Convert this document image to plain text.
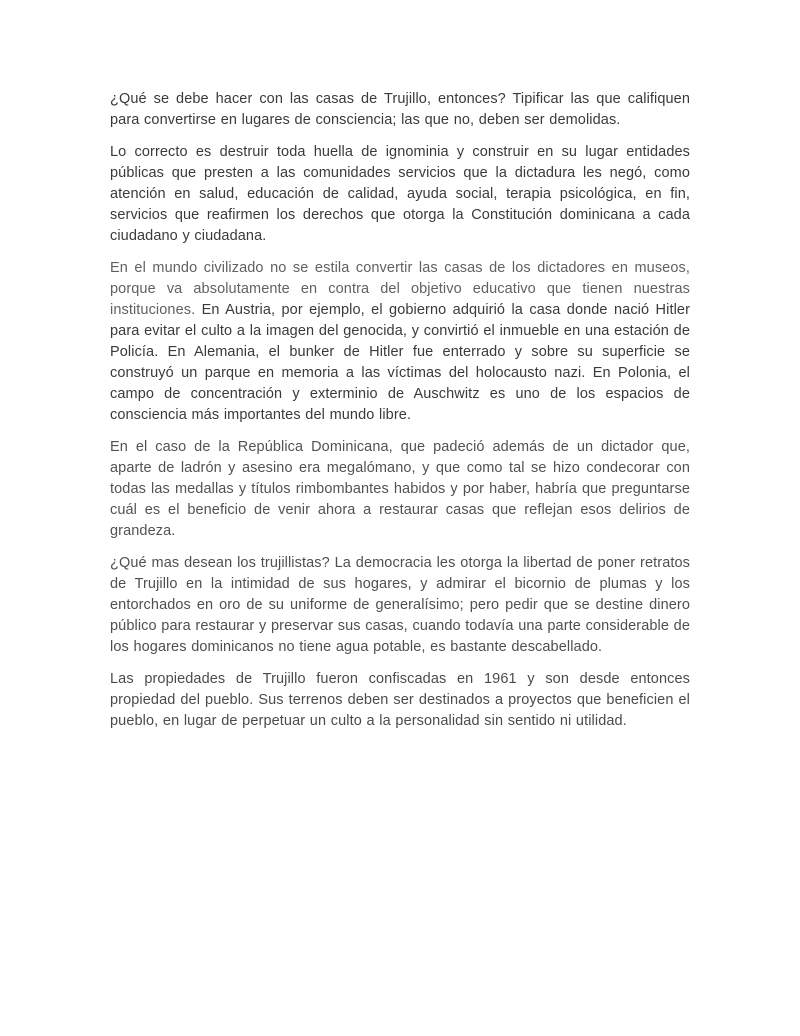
¿Qué se debe hacer con las casas de Trujillo, entonces? Tipificar las que califiquen para convertirse en lugares de consciencia; las que no, deben ser demolidas.

Lo correcto es destruir toda huella de ignominia y construir en su lugar entidades públicas que presten a las comunidades servicios que la dictadura les negó, como atención en salud, educación de calidad, ayuda social, terapia psicológica, en fin, servicios que reafirmen los derechos que otorga la Constitución dominicana a cada ciudadano y ciudadana.

En el mundo civilizado no se estila convertir las casas de los dictadores en museos, porque va absolutamente en contra del objetivo educativo que tienen nuestras instituciones. En Austria, por ejemplo, el gobierno adquirió la casa donde nació Hitler para evitar el culto a la imagen del genocida, y convirtió el inmueble en una estación de Policía. En Alemania, el bunker de Hitler fue enterrado y sobre su superficie se construyó un parque en memoria a las víctimas del holocausto nazi. En Polonia, el campo de concentración y exterminio de Auschwitz es uno de los espacios de consciencia más importantes del mundo libre.

En el caso de la República Dominicana, que padeció además de un dictador que, aparte de ladrón y asesino era megalómano, y que como tal se hizo condecorar con todas las medallas y títulos rimbombantes habidos y por haber, habría que preguntarse cuál es el beneficio de venir ahora a restaurar casas que reflejan esos delirios de grandeza.

¿Qué mas desean los trujillistas? La democracia les otorga la libertad de poner retratos de Trujillo en la intimidad de sus hogares, y admirar el bicornio de plumas y los entorchados en oro de su uniforme de generalísimo; pero pedir que se destine dinero público para restaurar y preservar sus casas, cuando todavía una parte considerable de los hogares dominicanos no tiene agua potable, es bastante descabellado.

Las propiedades de Trujillo fueron confiscadas en 1961 y son desde entonces propiedad del pueblo. Sus terrenos deben ser destinados a proyectos que beneficien el pueblo, en lugar de perpetuar un culto a la personalidad sin sentido ni utilidad.
